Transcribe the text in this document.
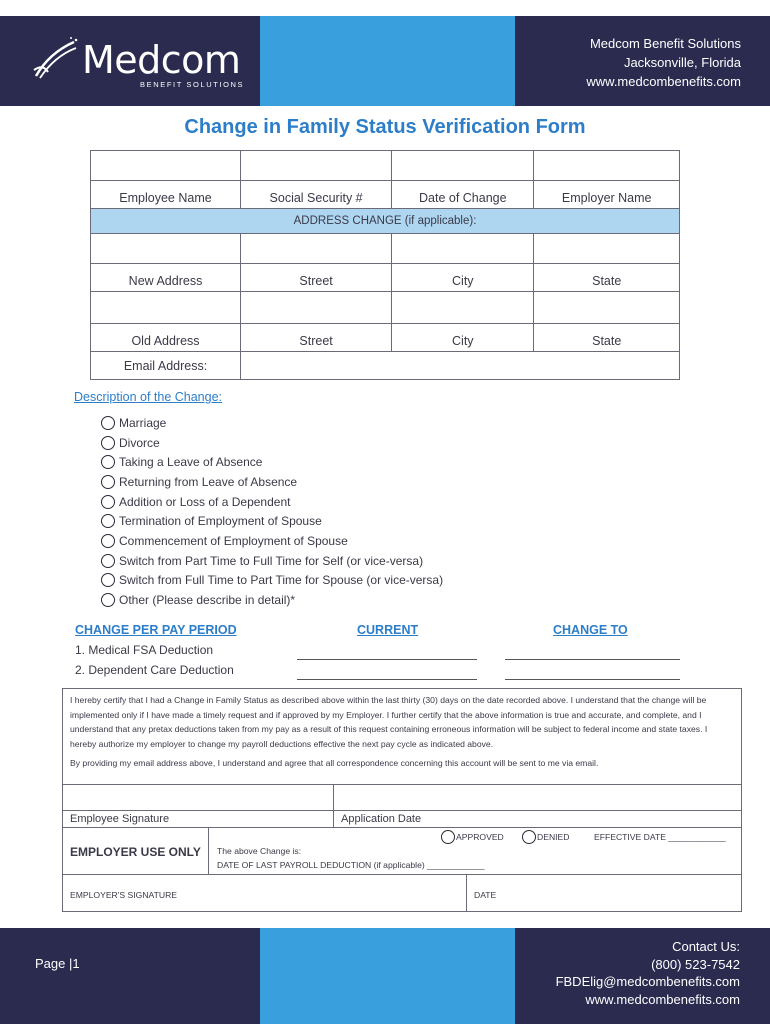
Medcom
BENEFIT SOLUTIONS
Medcom Benefit Solutions
Jacksonville, Florida
www.medcombenefits.com
Change in Family Status Verification Form

Employee Name	Social Security #	Date of Change	Employer Name
ADDRESS CHANGE (if applicable):			

New Address	Street	City	State

Old Address	Street	City	State
Email Address:			
Description of the Change:
Marriage
Divorce
Taking a Leave of Absence
Returning from Leave of Absence
Addition or Loss of a Dependent
Termination of Employment of Spouse
Commencement of Employment of Spouse
Switch from Part Time to Full Time for Self (or vice-versa)
Switch from Full Time to Part Time for Spouse (or vice-versa)
Other (Please describe in detail)*
CHANGE PER PAY PERIOD	CURRENT	CHANGE TO
1. Medical FSA Deduction
2. Dependent Care Deduction

I hereby certify that I had a Change in Family Status as described above within the last thirty (30) days on the date recorded above. I understand that the change will be implemented only if I have made a timely request and if approved by my Employer. I further certify that the above information is true and accurate, and complete, and I understand that any pretax deductions taken from my pay as a result of this request containing erroneous information will be subject to federal income and state taxes. I hereby authorize my employer to change my payroll deductions effective the next pay cycle as indicated above.

By providing my email address above, I understand and agree that all correspondence concerning this account will be sent to me via email.

Employee Signature	Application Date
EMPLOYER USE ONLY The above Change is:
DATE OF LAST PAYROLL DEDUCTION (if applicable) ____________
APPROVED	DENIED	EFFECTIVE DATE ____________
EMPLOYER'S SIGNATURE	DATE
Page |1
Contact Us:
(800) 523-7542
FBDElig@medcombenefits.com
www.medcombenefits.com
